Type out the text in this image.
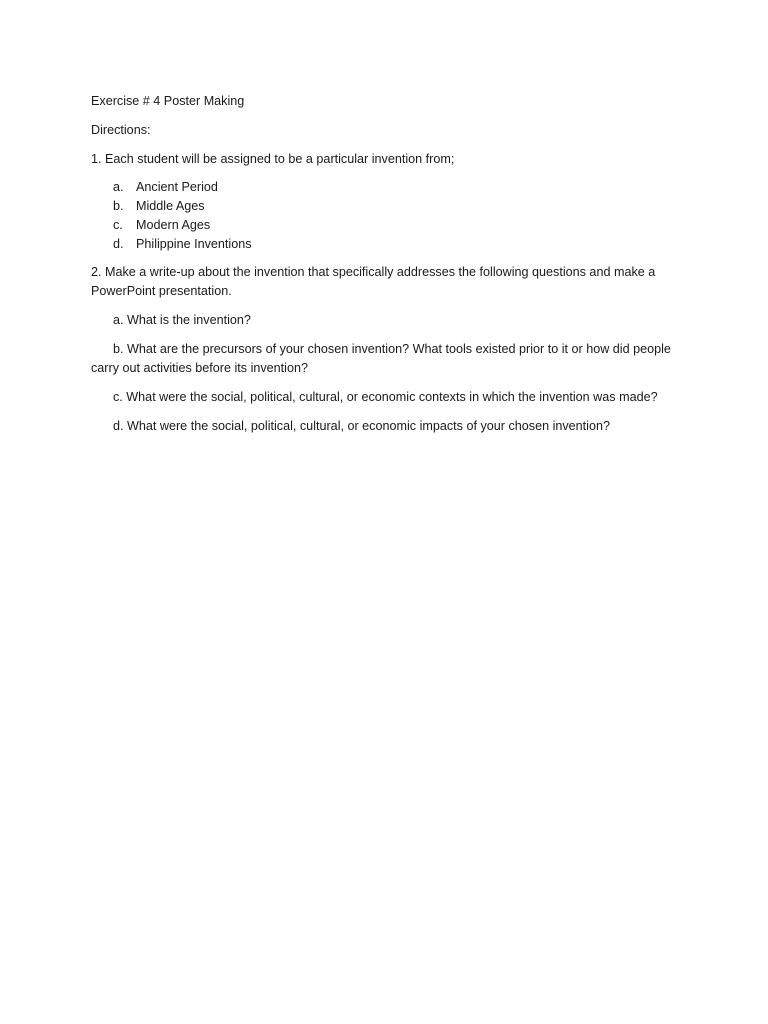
Exercise # 4 Poster Making

Directions:

1. Each student will be assigned to be a particular invention from;

a. Ancient Period
b. Middle Ages
c.	Modern Ages
d. Philippine Inventions

2. Make a write-up about the invention that specifically addresses the following questions and make a PowerPoint presentation.

a. What is the invention?

b. What are the precursors of your chosen invention? What tools existed prior to it or how did people carry out activities before its invention?

c. What were the social, political, cultural, or economic contexts in which the invention was made?

d. What were the social, political, cultural, or economic impacts of your chosen invention?
